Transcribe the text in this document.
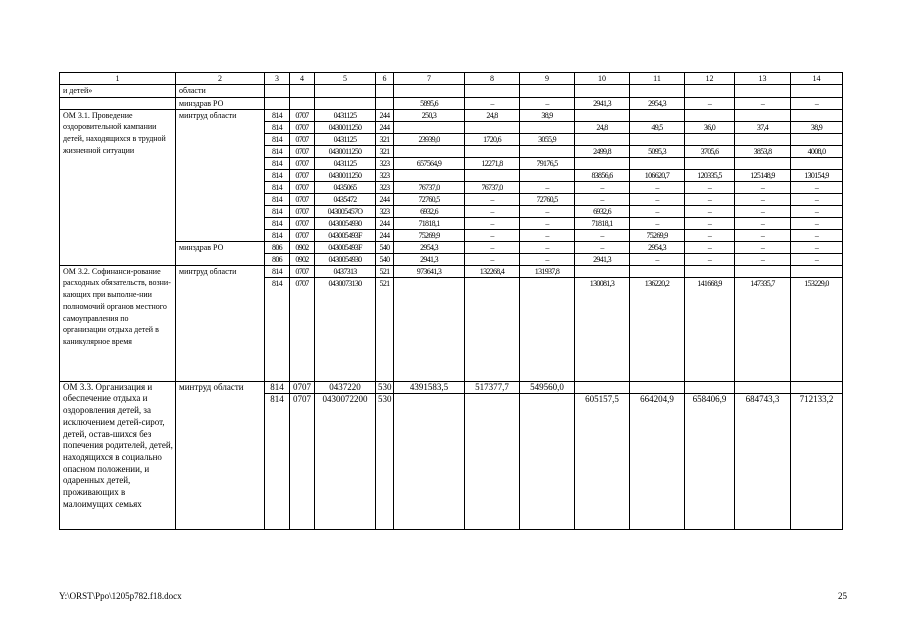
1	2	3	4	5	6	7	8	9	10	11	12	13	14
и детей»	области												
	минздрав РО					5895,6	–	–	2941,3	2954,3	–	–	–
ОМ 3.1. Проведение оздоровительной кампании детей, находящихся в трудной жизненной ситуации	минтруд области	814	0707	0431125	244	250,3	24,8	38,9					
		814	0707	0430011250	244				24,8	49,5	36,0	37,4	38,9
		814	0707	0431125	321	23939,0	1720,6	3055,9					
		814	0707	0430011250	321				2499,8	5095,3	3705,6	3853,8	4008,0
		814	0707	0431125	323	657564,9	12271,8	79176,5					
		814	0707	0430011250	323				83856,6	106620,7	120335,5	125148,9	130154,9
		814	0707	0435065	323	76737,0	76737,0	–	–	–	–	–	–
		814	0707	0435472	244	72760,5	–	72760,5	–	–	–	–	–
		814	0707	043005457О	323	6932,6	–	–	6932,6	–	–	–	–
		814	0707	0430054930	244	71818,1	–	–	71818,1	–	–	–	–
		814	0707	043005493F	244	75269,9	–	–	–	75269,9	–	–	–
	минздрав РО	806	0902	043005493F	540	2954,3	–	–	–	2954,3	–	–	–
		806	0902	0430054930	540	2941,3	–	–	2941,3	–	–	–	–
ОМ 3.2. Софинанси-рование расходных обязательств, возни-кающих при выполне-нии полномочий органов местного самоуправления по организации отдыха детей в каникулярное время	минтруд области	814	0707	0437313	521	973641,3	132268,4	131937,8					
		814	0707	0430073130	521				130081,3	136220,2	141668,9	147335,7	153229,0
ОМ 3.3. Организация и обеспечение отдыха и оздоровления детей, за исключением детей-сирот, детей, остав-шихся без попечения родителей, детей, находящихся в социально опасном положении, и одаренных детей, проживающих в малоимущих семьях	минтруд области	814	0707	0437220	530	4391583,5	517377,7	549560,0					
		814	0707	0430072200	530				605157,5	664204,9	658406,9	684743,3	712133,2
Y:\ORST\Ppo\1205p782.f18.docx	25
